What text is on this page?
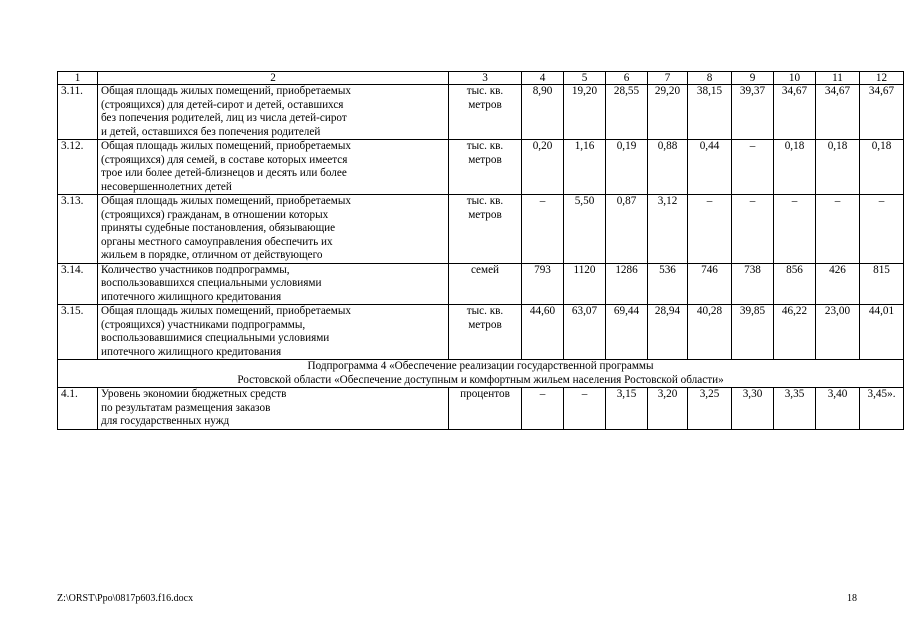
1	2	3	4	5	6	7	8	9	10	11	12
3.11.	Общая площадь жилых помещений, приобретаемых
(строящихся) для детей-сирот и детей, оставшихся
без попечения родителей, лиц из числа детей-сирот
и детей, оставшихся без попечения родителей	тыс. кв.
метров	8,90	19,20	28,55	29,20	38,15	39,37	34,67	34,67	34,67
3.12.	Общая площадь жилых помещений, приобретаемых
(строящихся) для семей, в составе которых имеется
трое или более детей-близнецов и десять или более
несовершеннолетних детей	тыс. кв.
метров	0,20	1,16	0,19	0,88	0,44	–	0,18	0,18	0,18
3.13.	Общая площадь жилых помещений, приобретаемых
(строящихся) гражданам, в отношении которых
приняты судебные постановления, обязывающие
органы местного самоуправления обеспечить их
жильем в порядке, отличном от действующего	тыс. кв.
метров	–	5,50	0,87	3,12	–	–	–	–	–
3.14.	Количество участников подпрограммы,
воспользовавшихся специальными условиями
ипотечного жилищного кредитования	семей	793	1120	1286	536	746	738	856	426	815
3.15.	Общая площадь жилых помещений, приобретаемых
(строящихся) участниками подпрограммы,
воспользовавшимися специальными условиями
ипотечного жилищного кредитования	тыс. кв.
метров	44,60	63,07	69,44	28,94	40,28	39,85	46,22	23,00	44,01

Подпрограмма 4 «Обеспечение реализации государственной программы
Ростовской области «Обеспечение доступным и комфортным жильем населения Ростовской области»											

4.1.	Уровень экономии бюджетных средств
по результатам размещения заказов
для государственных нужд	процентов	–	–	3,15	3,20	3,25	3,30	3,35	3,40	3,45».
Z:\ORST\Ppo\0817p603.f16.docx	18
